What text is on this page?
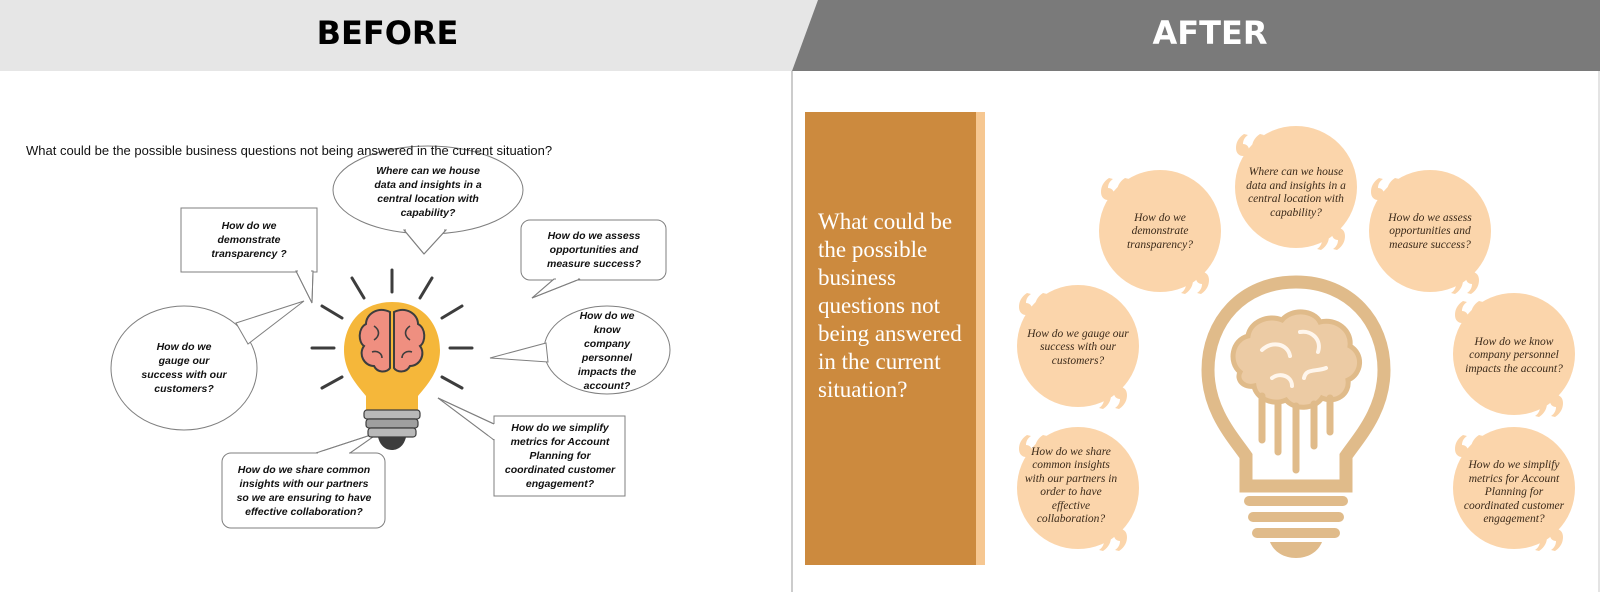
BEFORE	AFTER
What could be the possible business questions not being answered in the current situation?
Where can we house data and insights in a central location with capability?
How do we demonstrate transparency ?
How do we assess opportunities and measure success?
How do we gauge our success with our customers?
How do we know company personnel impacts the account?
How do we simplify metrics for Account Planning for coordinated customer engagement?
How do we share common insights with our partners so we are ensuring to have effective collaboration?
What could be the possible business questions not being answered in the current situation?
Where can we house data and insights in a central location with capability?
How do we demonstrate transparency?
How do we assess opportunities and measure success?
How do we gauge our success with our customers?
How do we know company personnel impacts the account?
How do we share common insights with our partners in order to have effective collaboration?
How do we simplify metrics for Account Planning for coordinated customer engagement?
